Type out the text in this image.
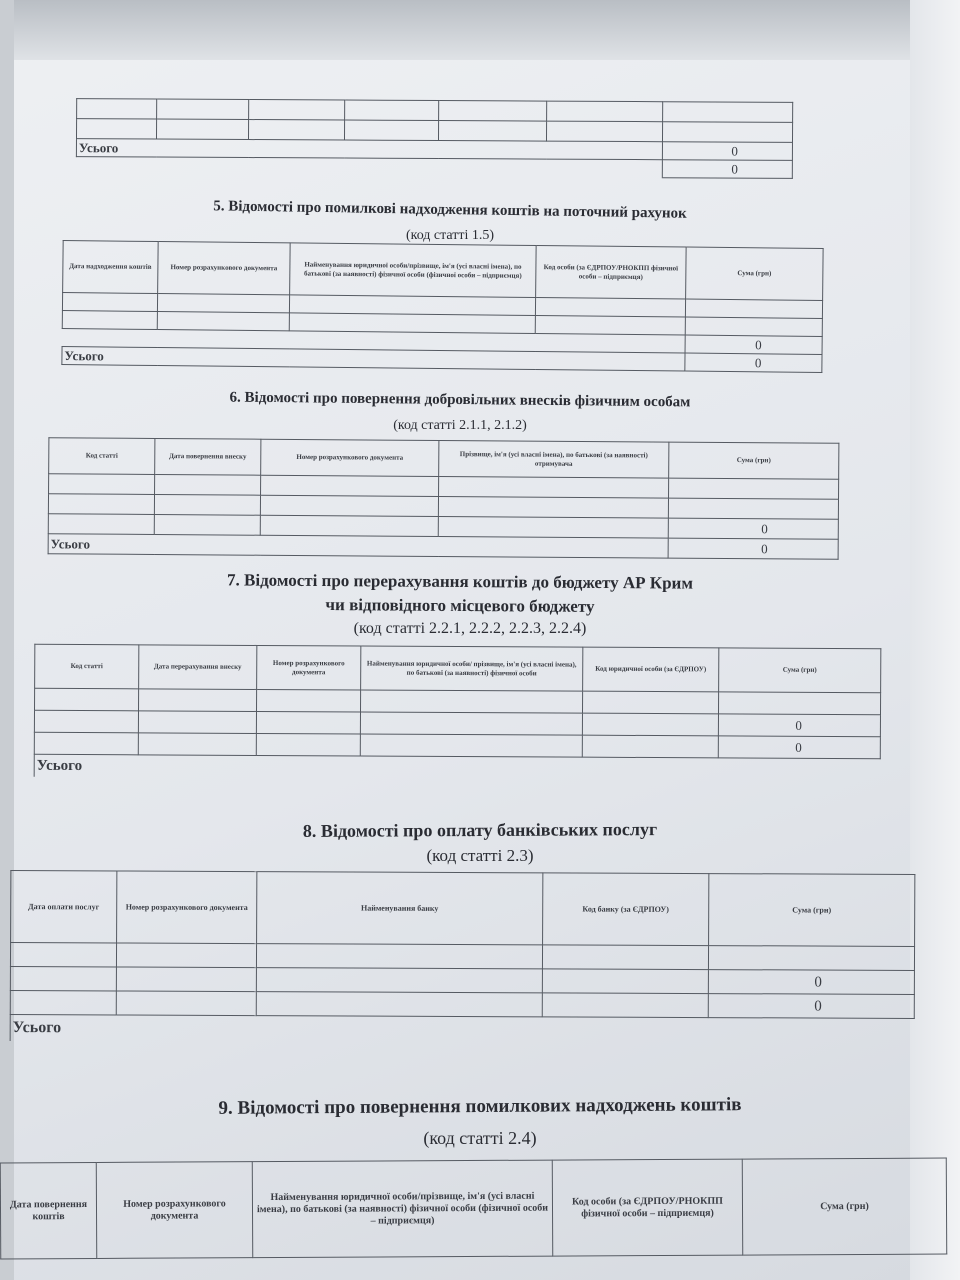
Усього						0
						0
5. Відомості про помилкові надходження коштів на поточний рахунок
(код статті 1.5)
Дата надходження коштів	Номер розрахункового документа	Найменування юридичної особи/прізвище, ім'я (усі власні імена), по батькові (за наявності) фізичної особи (фізичної особи – підприємця)	Код особи (за ЄДРПОУ/РНОКПП фізичної особи – підприємця)	Сума (грн)

				0
Усього				0
6. Відомості про повернення добровільних внесків фізичним особам
(код статті 2.1.1, 2.1.2)
Код статті	Дата повернення внеску	Номер розрахункового документа	Прізвище, ім'я (усі власні імена), по батькові (за наявності) отримувача	Сума (грн)

				0
Усього				0
7. Відомості про перерахування коштів до бюджету АР Крим
чи відповідного місцевого бюджету
(код статті 2.2.1, 2.2.2, 2.2.3, 2.2.4)
Код статті	Дата перерахування внеску	Номер розрахункового документа	Найменування юридичної особи/ прізвище, ім'я (усі власні імена), по батькові (за наявності) фізичної особи	Код юридичної особи (за ЄДРПОУ)	Сума (грн)

					0
					0
Усього					
8. Відомості про оплату банківських послуг
(код статті 2.3)
Дата оплати послуг	Номер розрахункового документа	Найменування банку	Код банку (за ЄДРПОУ)	Сума (грн)

				0
				0
Усього				
9. Відомості про повернення помилкових надходжень коштів
(код статті 2.4)
Дата повернення коштів	Номер розрахункового документа	Найменування юридичної особи/прізвище, ім'я (усі власні імена), по батькові (за наявності) фізичної особи (фізичної особи – підприємця)	Код особи (за ЄДРПОУ/РНОКПП фізичної особи – підприємця)	Сума (грн)
